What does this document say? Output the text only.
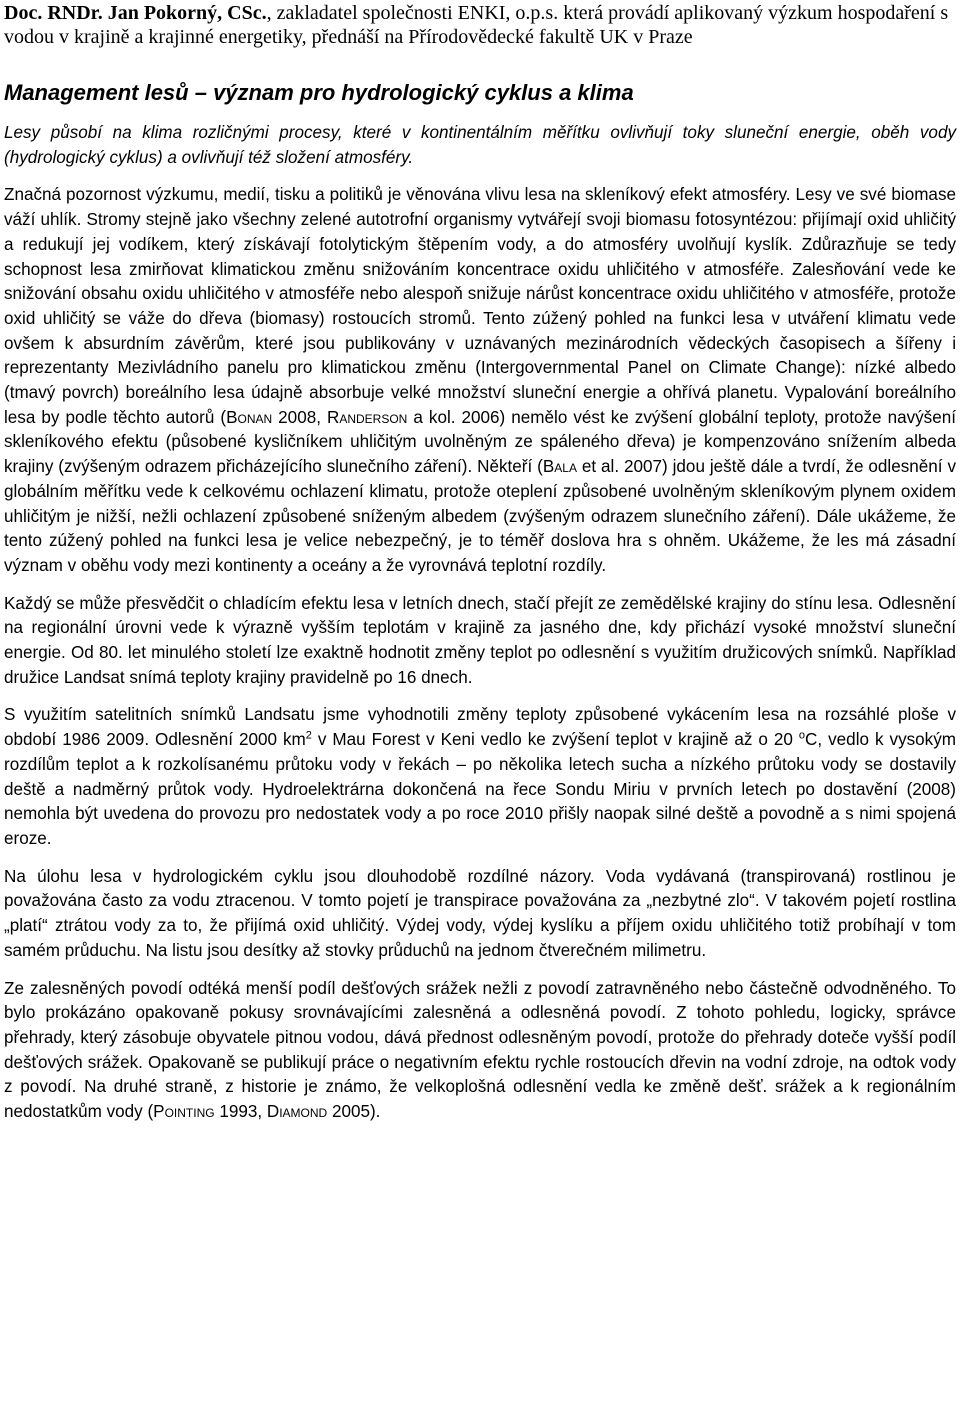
Doc. RNDr. Jan Pokorný, CSc., zakladatel společnosti ENKI, o.p.s. která provádí aplikovaný výzkum hospodaření s vodou v krajině a krajinné energetiky, přednáší na Přírodovědecké fakultě UK v Praze

Management lesů – význam pro hydrologický cyklus a klima

Lesy působí na klima rozličnými procesy, které v kontinentálním měřítku ovlivňují toky sluneční energie, oběh vody (hydrologický cyklus) a ovlivňují též složení atmosféry.

Značná pozornost výzkumu, medií, tisku a politiků je věnována vlivu lesa na skleníkový efekt atmosféry. Lesy ve své biomase váží uhlík. Stromy stejně jako všechny zelené autotrofní organismy vytvářejí svoji biomasu fotosyntézou: přijímají oxid uhličitý a redukují jej vodíkem, který získávají fotolytickým štěpením vody, a do atmosféry uvolňují kyslík. Zdůrazňuje se tedy schopnost lesa zmirňovat klimatickou změnu snižováním koncentrace oxidu uhličitého v atmosféře. Zalesňování vede ke snižování obsahu oxidu uhličitého v atmosféře nebo alespoň snižuje nárůst koncentrace oxidu uhličitého v atmosféře, protože oxid uhličitý se váže do dřeva (biomasy) rostoucích stromů. Tento zúžený pohled na funkci lesa v utváření klimatu vede ovšem k absurdním závěrům, které jsou publikovány v uznávaných mezinárodních vědeckých časopisech a šířeny i reprezentanty Mezivládního panelu pro klimatickou změnu (Intergovernmental Panel on Climate Change): nízké albedo (tmavý povrch) boreálního lesa údajně absorbuje velké množství sluneční energie a ohřívá planetu. Vypalování boreálního lesa by podle těchto autorů (Bonan 2008, Randerson a kol. 2006) nemělo vést ke zvýšení globální teploty, protože navýšení skleníkového efektu (působené kysličníkem uhličitým uvolněným ze spáleného dřeva) je kompenzováno snížením albeda krajiny (zvýšeným odrazem přicházejícího slunečního záření). Někteří (Bala et al. 2007) jdou ještě dále a tvrdí, že odlesnění v globálním měřítku vede k celkovému ochlazení klimatu, protože oteplení způsobené uvolněným skleníkovým plynem oxidem uhličitým je nižší, nežli ochlazení způsobené sníženým albedem (zvýšeným odrazem slunečního záření). Dále ukážeme, že tento zúžený pohled na funkci lesa je velice nebezpečný, je to téměř doslova hra s ohněm. Ukážeme, že les má zásadní význam v oběhu vody mezi kontinenty a oceány a že vyrovnává teplotní rozdíly.

Každý se může přesvědčit o chladícím efektu lesa v letních dnech, stačí přejít ze zemědělské krajiny do stínu lesa. Odlesnění na regionální úrovni vede k výrazně vyšším teplotám v krajině za jasného dne, kdy přichází vysoké množství sluneční energie. Od 80. let minulého století lze exaktně hodnotit změny teplot po odlesnění s využitím družicových snímků. Například družice Landsat snímá teploty krajiny pravidelně po 16 dnech.

S využitím satelitních snímků Landsatu jsme vyhodnotili změny teploty způsobené vykácením lesa na rozsáhlé ploše v období 1986 2009. Odlesnění 2000 $km^2$ v Mau Forest v Keni vedlo ke zvýšení teplot v krajině až o 20 $^o$C, vedlo k vysokým rozdílům teplot a k rozkolísanému průtoku vody v řekách – po několika letech sucha a nízkého průtoku vody se dostavily deště a nadměrný průtok vody. Hydroelektrárna dokončená na řece Sondu Miriu v prvních letech po dostavění (2008) nemohla být uvedena do provozu pro nedostatek vody a po roce 2010 přišly naopak silné deště a povodně a s nimi spojená eroze.

Na úlohu lesa v hydrologickém cyklu jsou dlouhodobě rozdílné názory. Voda vydávaná (transpirovaná) rostlinou je považována často za vodu ztracenou. V tomto pojetí je transpirace považována za „nezbytné zlo“. V takovém pojetí rostlina „platí“ ztrátou vody za to, že přijímá oxid uhličitý. Výdej vody, výdej kyslíku a příjem oxidu uhličitého totiž probíhají v tom samém průduchu. Na listu jsou desítky až stovky průduchů na jednom čtverečném milimetru.

Ze zalesněných povodí odtéká menší podíl dešťových srážek nežli z povodí zatravněného nebo částečně odvodněného. To bylo prokázáno opakovaně pokusy srovnávajícími zalesněná a odlesněná povodí. Z tohoto pohledu, logicky, správce přehrady, který zásobuje obyvatele pitnou vodou, dává přednost odlesněným povodí, protože do přehrady doteče vyšší podíl dešťových srážek. Opakovaně se publikují práce o negativním efektu rychle rostoucích dřevin na vodní zdroje, na odtok vody z povodí. Na druhé straně, z historie je známo, že velkoplošná odlesnění vedla ke změně dešť. srážek a k regionálním nedostatkům vody (Pointing 1993, Diamond 2005).
